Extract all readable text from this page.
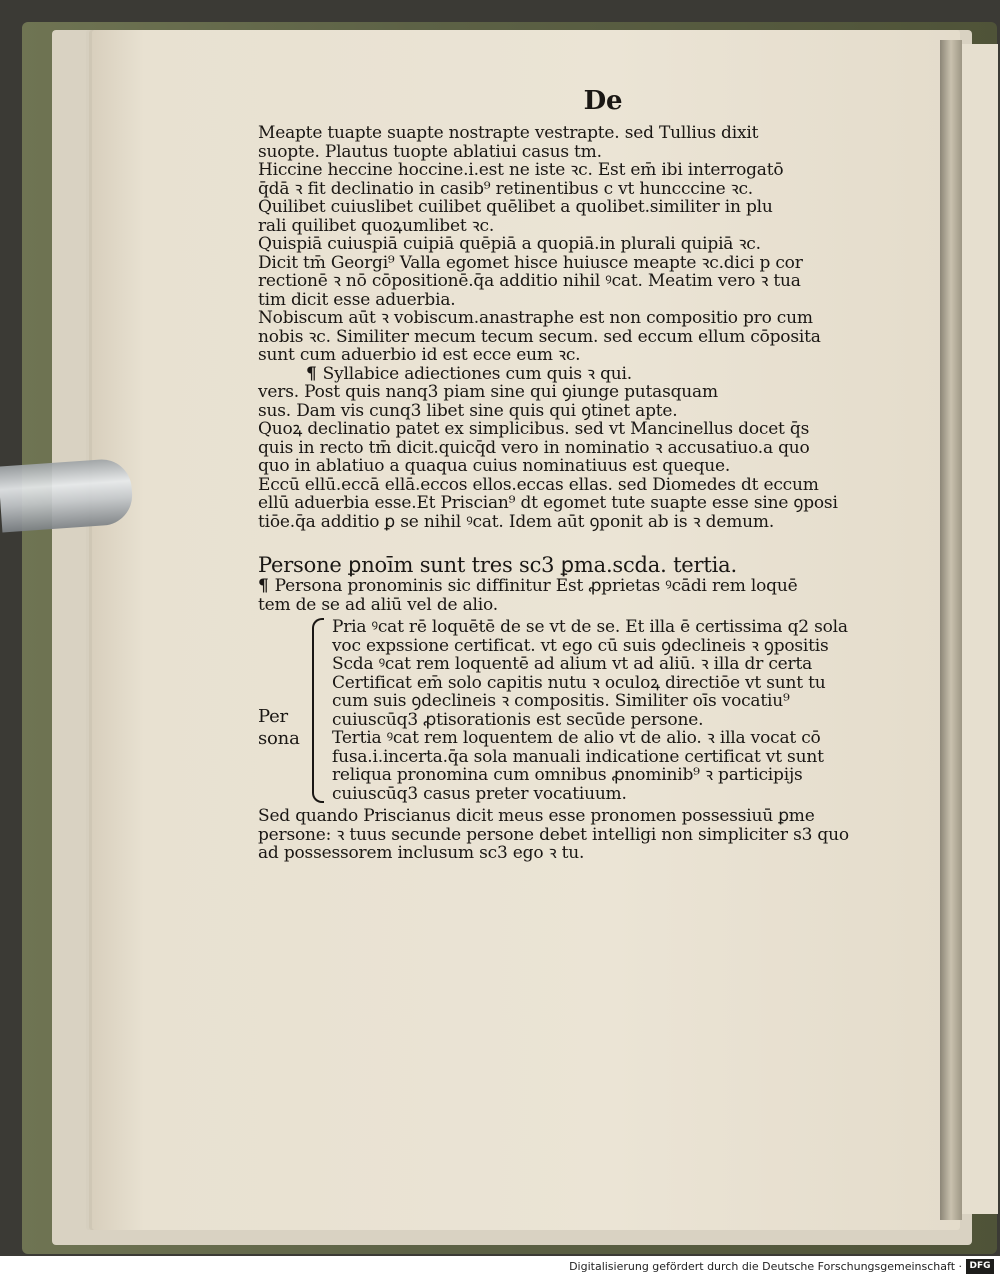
De

Meapte tuapte suapte nostrapte vestrapte. sed Tullius dixit

suopte. Plautus tuopte ablatiui casus tm.

Hiccine heccine hoccine.i.est ne iste ꝛc. Est em̄ ibi interrogatō

q̄dā ꝛ fit declinatio in casib⁹ retinentibus c vt huncccine ꝛc.

Quilibet cuiuslibet cuilibet quēlibet a quolibet.similiter in plu

rali quilibet quoꝝumlibet ꝛc.

Quispiā cuiuspiā cuipiā quēpiā a quopiā.in plurali quipiā ꝛc.

Dicit tm̄ Georgi⁹ Valla egomet hisce huiusce meapte ꝛc.dici p cor

rectionē ꝛ nō cōpositionē.q̄a additio nihil ꝰcat. Meatim vero ꝛ tua

tim dicit esse aduerbia.

Nobiscum aūt ꝛ vobiscum.anastraphe est non compositio pro cum

nobis ꝛc. Similiter mecum tecum secum. sed eccum ellum cōposita

sunt cum aduerbio id est ecce eum ꝛc.

¶ Syllabice adiectiones cum quis ꝛ qui.

vers. Post quis nanq3 piam sine qui ꝯiunge putasquam

sus. Dam vis cunq3 libet sine quis qui ꝯtinet apte.

Quoꝝ declinatio patet ex simplicibus. sed vt Mancinellus docet q̄s

quis in recto tm̄ dicit.quicq̄d vero in nominatio ꝛ accusatiuo.a quo

quo in ablatiuo a quaqua cuius nominatiuus est queque.

Eccū ellū.eccā ellā.eccos ellos.eccas ellas. sed Diomedes dt eccum

ellū aduerbia esse.Et Priscian⁹ dt egomet tute suapte esse sine ꝯposi

tiōe.q̄a additio ꝑ se nihil ꝰcat. Idem aūt ꝯponit ab is ꝛ demum.

Persone ꝑnoīm sunt tres sc3 ꝑma.scda. tertia.

¶ Persona pronominis sic diffinitur Est ꝓprietas ꝰcādi rem loquē

tem de se ad aliū vel de alio.

Per sona

Pria ꝰcat rē loquētē de se vt de se. Et illa ē certissima q2 sola

voc expssione certificat. vt ego cū suis ꝯdeclineis ꝛ ꝯpositis

Scda ꝰcat rem loquentē ad alium vt ad aliū. ꝛ illa dr certa

Certificat em̄ solo capitis nutu ꝛ oculoꝝ directiōe vt sunt tu

cum suis ꝯdeclineis ꝛ compositis. Similiter oīs vocatiu⁹

cuiuscūq3 ꝓtisorationis est secūde persone.

Tertia ꝰcat rem loquentem de alio vt de alio. ꝛ illa vocat cō

fusa.i.incerta.q̄a sola manuali indicatione certificat vt sunt

reliqua pronomina cum omnibus ꝓnominib⁹ ꝛ participijs

cuiuscūq3 casus preter vocatiuum.

Sed quando Priscianus dicit meus esse pronomen possessiuū ꝑme

persone: ꝛ tuus secunde persone debet intelligi non simpliciter s3 quo

ad possessorem inclusum sc3 ego ꝛ tu.

Digitalisierung gefördert durch die Deutsche Forschungsgemeinschaft · DFG
